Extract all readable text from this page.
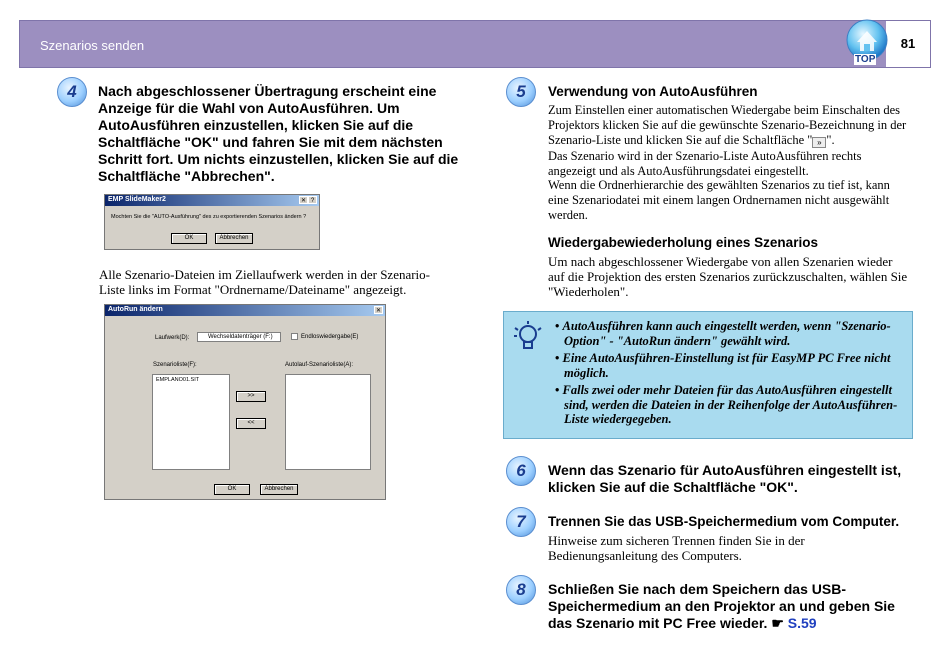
Szenarios senden	81
TOP
4	Nach abgeschlossener Übertragung erscheint eine Anzeige für die Wahl von AutoAusführen. Um AutoAusführen einzustellen, klicken Sie auf die Schaltfläche "OK" und fahren Sie mit dem nächsten Schritt fort. Um nichts einzustellen, klicken Sie auf die Schaltfläche "Abbrechen".
EMP SlideMaker2	?
✕
Mochten Sie die "AUTO-Ausführung" des zu exportierenden Szenarios ändern ?
OK	Abbrechen
Alle Szenario-Dateien im Ziellaufwerk werden in der Szenario-Liste links im Format "Ordnername/Dateiname" angezeigt.
AutoRun ändern	✕
Laufwerk(D):	Wechseldatenträger (F:)	Endloswiedergabe(E)
Szenarioliste(F):	Autolauf-Szenarioliste(A):
EMPLANO01.SIT
>>
<<
OK	Abbrechen
5	Verwendung von AutoAusführen
Zum Einstellen einer automatischen Wiedergabe beim Einschalten des Projektors klicken Sie auf die gewünschte Szenario-Bezeichnung in der Szenario-Liste und klicken Sie auf die Schaltfläche " » ".
Das Szenario wird in der Szenario-Liste AutoAusführen rechts angezeigt und als AutoAusführungsdatei eingestellt.
Wenn die Ordnerhierarchie des gewählten Szenarios zu tief ist, kann eine Szenariodatei mit einem langen Ordnernamen nicht ausgewählt werden.
Wiedergabewiederholung eines Szenarios
Um nach abgeschlossener Wiedergabe von allen Szenarien wieder auf die Projektion des ersten Szenarios zurückzuschalten, wählen Sie "Wiederholen".
• AutoAusführen kann auch eingestellt werden, wenn "Szenario-Option" - "AutoRun ändern" gewählt wird.
• Eine AutoAusführen-Einstellung ist für EasyMP PC Free nicht möglich.
• Falls zwei oder mehr Dateien für das AutoAusführen eingestellt sind, werden die Dateien in der Reihenfolge der AutoAusführen-Liste wiedergegeben.
6	Wenn das Szenario für AutoAusführen eingestellt ist, klicken Sie auf die Schaltfläche "OK".
7	Trennen Sie das USB-Speichermedium vom Computer.
Hinweise zum sicheren Trennen finden Sie in der Bedienungsanleitung des Computers.
8	Schließen Sie nach dem Speichern das USB-Speichermedium an den Projektor an und geben Sie das Szenario mit PC Free wieder. ☛ S.59
